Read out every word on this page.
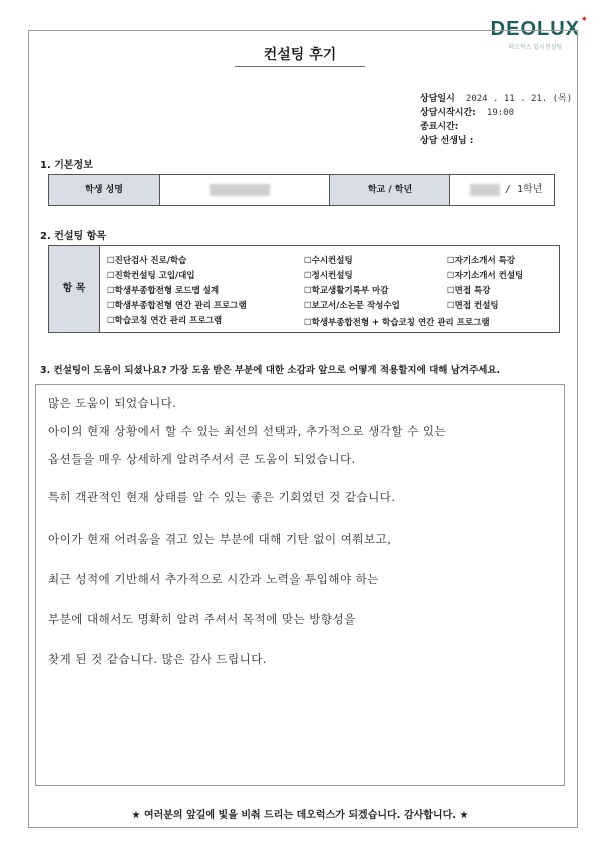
DEOLUX ✦
데오럭스 입시컨설팅
컨설팅 후기
상담일시 2024 . 11 . 21. (목)
상담시작시간: 19:00
종료시간:
상담 선생님 :
1. 기본정보
학생 성명	학교 / 학년	/ 1학년
2. 컨설팅 항목
항 목
☐진단검사 진로/학습
☐진학컨설팅 고입/대입
☐학생부종합전형 로드맵 설계
☐학생부종합전형 연간 관리 프로그램
☐학습코칭 연간 관리 프로그램
☐수시컨설팅
☐정시컨설팅
☐학교생활기록부 마감
☐보고서/소논문 작성수업
☐자기소개서 특강
☐자기소개서 컨설팅
☐면접 특강
☐면접 컨설팅
☐학생부종합전형 + 학습코칭 연간 관리 프로그램
3. 컨설팅이 도움이 되셨나요? 가장 도움 받은 부분에 대한 소감과 앞으로 어떻게 적용할지에 대해 남겨주세요.
많은 도움이 되었습니다.
아이의 현재 상황에서 할 수 있는 최선의 선택과, 추가적으로 생각할 수 있는
옵션들을 매우 상세하게 알려주셔서 큰 도움이 되었습니다.
특히 객관적인 현재 상태를 알 수 있는 좋은 기회였던 것 같습니다.
아이가 현재 어려움을 겪고 있는 부분에 대해 기탄 없이 여쭤보고,
최근 성적에 기반해서 추가적으로 시간과 노력을 투입해야 하는
부분에 대해서도 명확히 알려 주셔서 목적에 맞는 방향성을
찾게 된 것 같습니다. 많은 감사 드립니다.
★ 여러분의 앞길에 빛을 비춰 드리는 데오럭스가 되겠습니다. 감사합니다. ★
